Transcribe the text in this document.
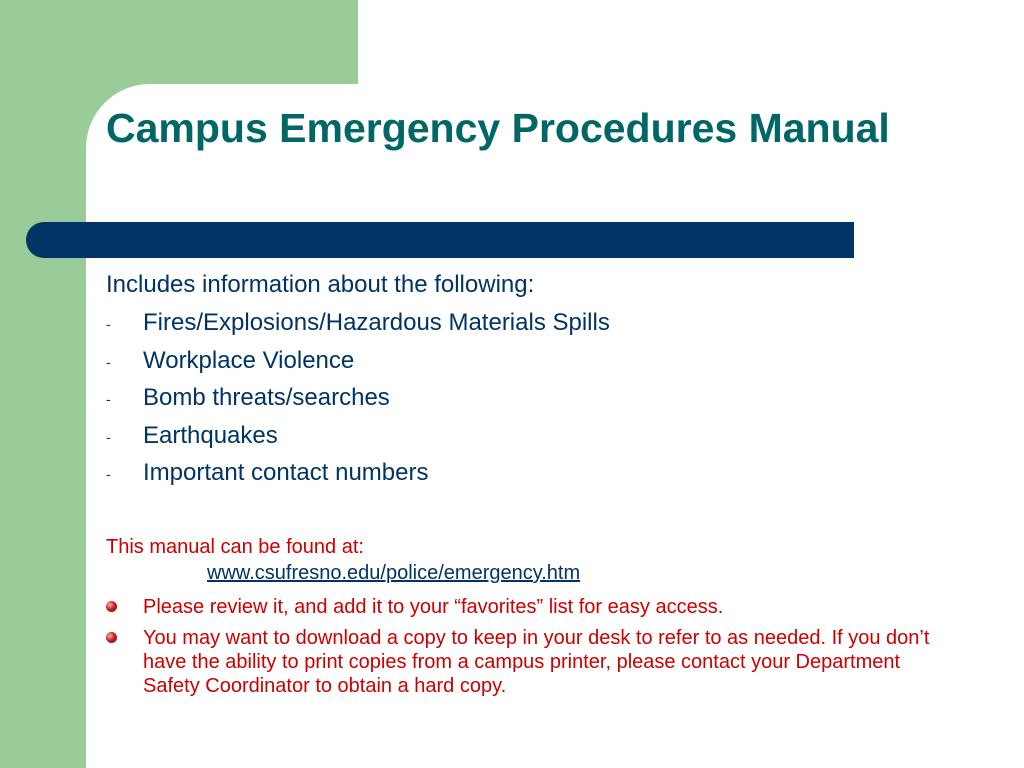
Campus Emergency Procedures Manual

Includes information about the following:

-	Fires/Explosions/Hazardous Materials Spills
-	Workplace Violence
-	Bomb threats/searches
-	Earthquakes
-	Important contact numbers

This manual can be found at:

www.csufresno.edu/police/emergency.htm
Please review it, and add it to your “favorites” list for easy access.
You may want to download a copy to keep in your desk to refer to as needed. If you don’t have the ability to print copies from a campus printer, please contact your Department Safety Coordinator to obtain a hard copy.
